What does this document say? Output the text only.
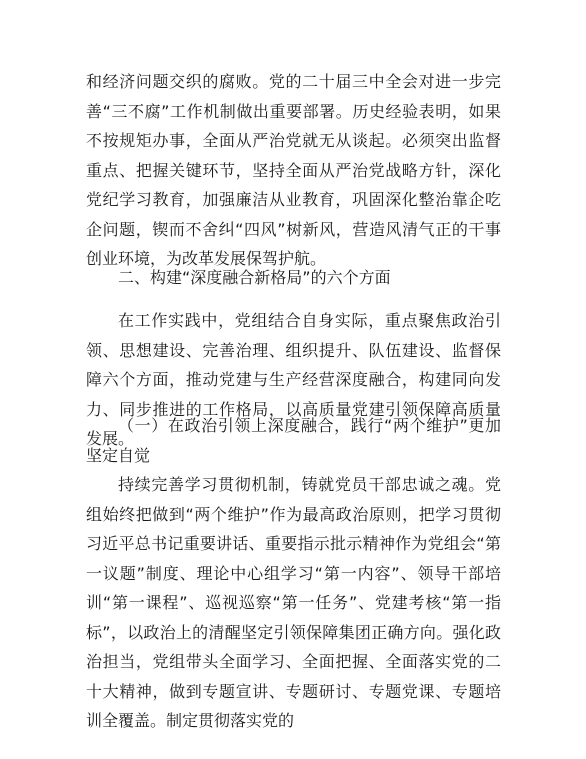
和经济问题交织的腐败。党的二十届三中全会对进一步完善“三不腐”工作机制做出重要部署。历史经验表明，如果不按规矩办事，全面从严治党就无从谈起。必须突出监督重点、把握关键环节，坚持全面从严治党战略方针，深化党纪学习教育，加强廉洁从业教育，巩固深化整治靠企吃企问题，锲而不舍纠“四风”树新风，营造风清气正的干事创业环境，为改革发展保驾护航。

二、构建“深度融合新格局”的六个方面

在工作实践中，党组结合自身实际，重点聚焦政治引领、思想建设、完善治理、组织提升、队伍建设、监督保障六个方面，推动党建与生产经营深度融合，构建同向发力、同步推进的工作格局，以高质量党建引领保障高质量发展。

（一）在政治引领上深度融合，践行“两个维护”更加坚定自觉

持续完善学习贯彻机制，铸就党员干部忠诚之魂。党组始终把做到“两个维护”作为最高政治原则，把学习贯彻习近平总书记重要讲话、重要指示批示精神作为党组会“第一议题”制度、理论中心组学习“第一内容”、领导干部培训“第一课程”、巡视巡察“第一任务”、党建考核“第一指标”，以政治上的清醒坚定引领保障集团正确方向。强化政治担当，党组带头全面学习、全面把握、全面落实党的二十大精神，做到专题宣讲、专题研讨、专题党课、专题培训全覆盖。制定贯彻落实党的
